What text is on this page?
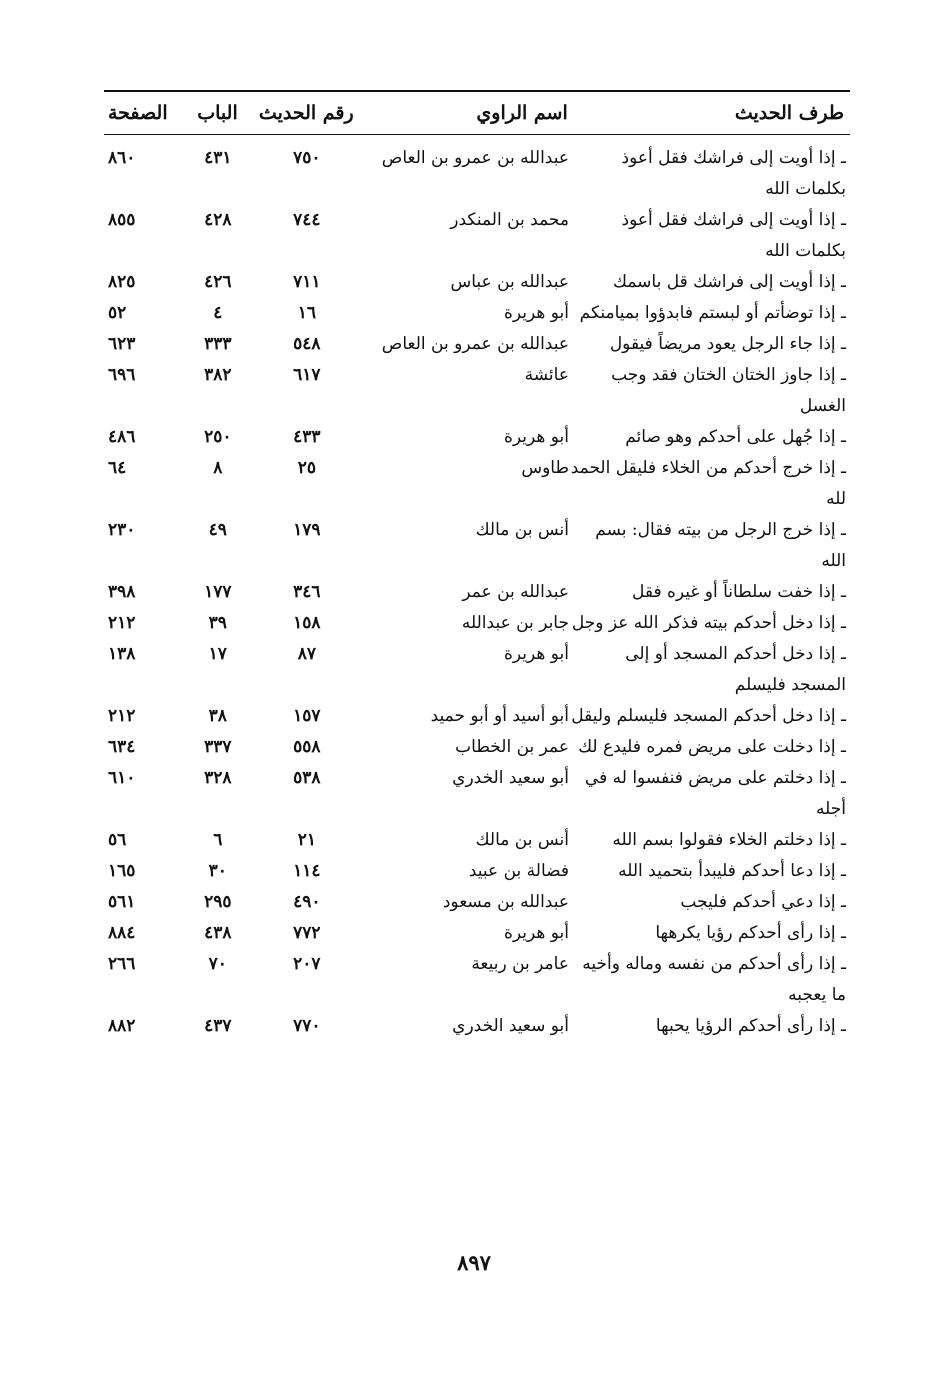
طرف الحديث
اسم الراوي
رقم الحديث
الباب
الصفحة
ـ إذا أويت إلى فراشك فقل أعوذ بكلمات الله
عبدالله بن عمرو بن العاص
٧٥٠
٤٣١
٨٦٠
ـ إذا أويت إلى فراشك فقل أعوذ بكلمات الله
محمد بن المنكدر
٧٤٤
٤٢٨
٨٥٥
ـ إذا أويت إلى فراشك قل باسمك
عبدالله بن عباس
٧١١
٤٢٦
٨٢٥
ـ إذا توضأتم أو لبستم فابدؤوا بميامنكم
أبو هريرة
١٦
٤
٥٢
ـ إذا جاء الرجل يعود مريضاً فيقول
عبدالله بن عمرو بن العاص
٥٤٨
٣٣٣
٦٢٣
ـ إذا جاوز الختان الختان فقد وجب الغسل
عائشة
٦١٧
٣٨٢
٦٩٦
ـ إذا جُهل على أحدكم وهو صائم
أبو هريرة
٤٣٣
٢٥٠
٤٨٦
ـ إذا خرج أحدكم من الخلاء فليقل الحمد لله
طاوس
٢٥
٨
٦٤
ـ إذا خرج الرجل من بيته فقال: بسم الله
أنس بن مالك
١٧٩
٤٩
٢٣٠
ـ إذا خفت سلطاناً أو غيره فقل
عبدالله بن عمر
٣٤٦
١٧٧
٣٩٨
ـ إذا دخل أحدكم بيته فذكر الله عز وجل
جابر بن عبدالله
١٥٨
٣٩
٢١٢
ـ إذا دخل أحدكم المسجد أو إلى المسجد فليسلم
أبو هريرة
٨٧
١٧
١٣٨
ـ إذا دخل أحدكم المسجد فليسلم وليقل
أبو أسيد أو أبو حميد
١٥٧
٣٨
٢١٢
ـ إذا دخلت على مريض فمره فليدع لك
عمر بن الخطاب
٥٥٨
٣٣٧
٦٣٤
ـ إذا دخلتم على مريض فنفسوا له في أجله
أبو سعيد الخدري
٥٣٨
٣٢٨
٦١٠
ـ إذا دخلتم الخلاء فقولوا بسم الله
أنس بن مالك
٢١
٦
٥٦
ـ إذا دعا أحدكم فليبدأ بتحميد الله
فضالة بن عبيد
١١٤
٣٠
١٦٥
ـ إذا دعي أحدكم فليجب
عبدالله بن مسعود
٤٩٠
٢٩٥
٥٦١
ـ إذا رأى أحدكم رؤيا يكرهها
أبو هريرة
٧٧٢
٤٣٨
٨٨٤
ـ إذا رأى أحدكم من نفسه وماله وأخيه ما يعجبه
عامر بن ربيعة
٢٠٧
٧٠
٢٦٦
ـ إذا رأى أحدكم الرؤيا يحبها
أبو سعيد الخدري
٧٧٠
٤٣٧
٨٨٢
٨٩٧
